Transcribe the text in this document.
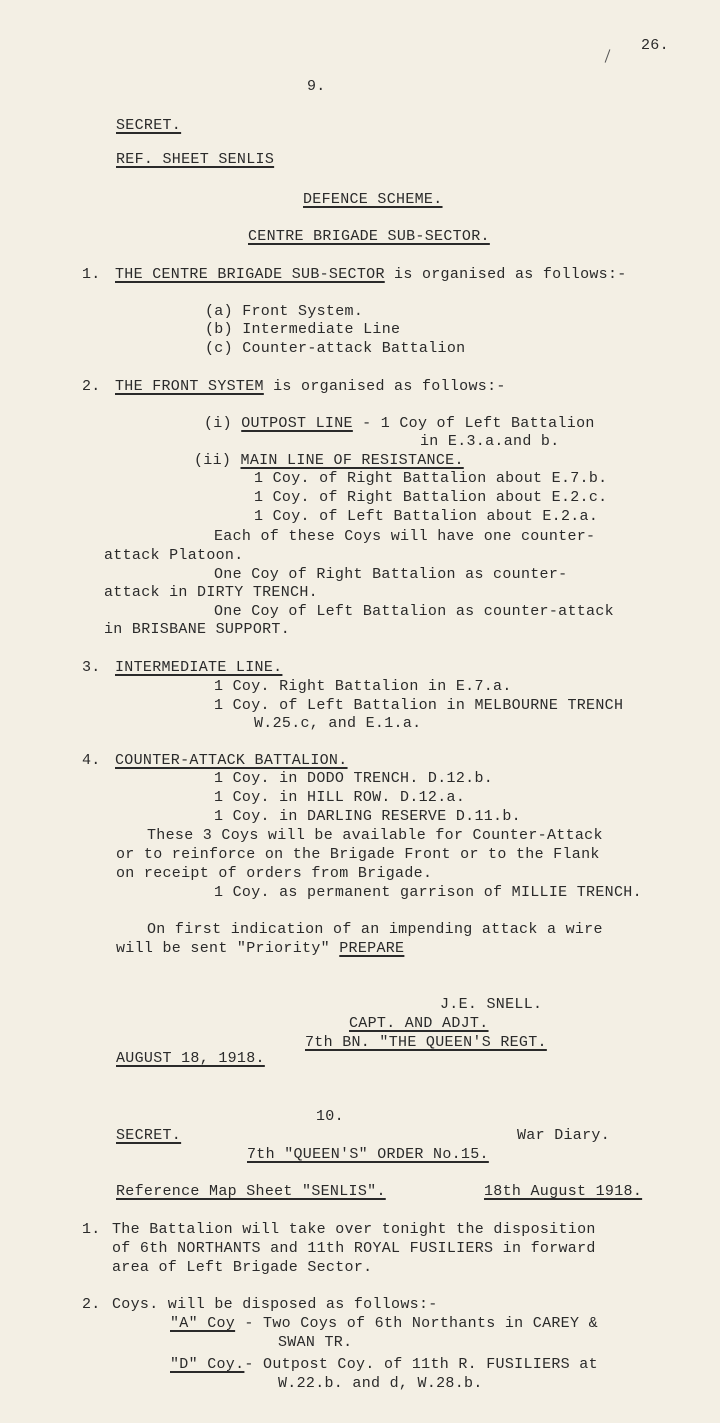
26.
9.
SECRET.
REF. SHEET SENLIS
DEFENCE SCHEME.
CENTRE BRIGADE SUB-SECTOR.
1. THE CENTRE BRIGADE SUB-SECTOR is organised as follows:-
(a) Front System.
(b) Intermediate Line
(c) Counter-attack Battalion
2. THE FRONT SYSTEM is organised as follows:-
(i) OUTPOST LINE - 1 Coy of Left Battalion
in E.3.a.and b.
(ii) MAIN LINE OF RESISTANCE.
1 Coy. of Right Battalion about E.7.b.
1 Coy. of Right Battalion about E.2.c.
1 Coy. of Left Battalion about E.2.a.
Each of these Coys will have one counter-
attack Platoon.
One Coy of Right Battalion as counter-
attack in DIRTY TRENCH.
One Coy of Left Battalion as counter-attack
in BRISBANE SUPPORT.
3. INTERMEDIATE LINE.
1 Coy. Right Battalion in E.7.a.
1 Coy. of Left Battalion in MELBOURNE TRENCH
W.25.c, and E.1.a.
4. COUNTER-ATTACK BATTALION.
1 Coy. in DODO TRENCH. D.12.b.
1 Coy. in HILL ROW. D.12.a.
1 Coy. in DARLING RESERVE D.11.b.
These 3 Coys will be available for Counter-Attack
or to reinforce on the Brigade Front or to the Flank
on receipt of orders from Brigade.
1 Coy. as permanent garrison of MILLIE TRENCH.
On first indication of an impending attack a wire
will be sent "Priority" PREPARE
J.E. SNELL.
CAPT. AND ADJT.
7th BN. "THE QUEEN'S REGT.
AUGUST 18, 1918.
10.
SECRET.	War Diary.
7th "QUEEN'S" ORDER No.15.
Reference Map Sheet "SENLIS".	18th August 1918.
1. The Battalion will take over tonight the disposition
of 6th NORTHANTS and 11th ROYAL FUSILIERS in forward
area of Left Brigade Sector.
2. Coys. will be disposed as follows:-
"A" Coy - Two Coys of 6th Northants in CAREY &
SWAN TR.
"D" Coy.- Outpost Coy. of 11th R. FUSILIERS at
W.22.b. and d, W.28.b.
